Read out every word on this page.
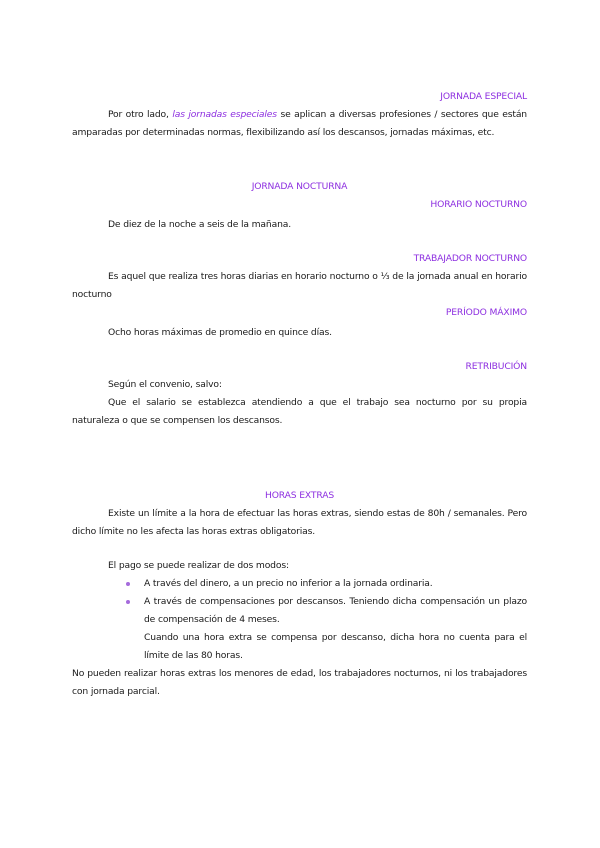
JORNADA ESPECIAL
Por otro lado, las jornadas especiales se aplican a diversas profesiones / sectores que están amparadas por determinadas normas, flexibilizando así los descansos, jornadas máximas, etc.
JORNADA NOCTURNA
HORARIO NOCTURNO
De diez de la noche a seis de la mañana.
TRABAJADOR NOCTURNO
Es aquel que realiza tres horas diarias en horario nocturno o ⅓ de la jornada anual en horario nocturno
PERÍODO MÁXIMO
Ocho horas máximas de promedio en quince días.
RETRIBUCIÓN
Según el convenio, salvo:
Que el salario se establezca atendiendo a que el trabajo sea nocturno por su propia naturaleza o que se compensen los descansos.
HORAS EXTRAS
Existe un límite a la hora de efectuar las horas extras, siendo estas de 80h / semanales. Pero dicho límite no les afecta las horas extras obligatorias.
El pago se puede realizar de dos modos:
A través del dinero, a un precio no inferior a la jornada ordinaria.
A través de compensaciones por descansos. Teniendo dicha compensación un plazo de compensación de 4 meses.
Cuando una hora extra se compensa por descanso, dicha hora no cuenta para el límite de las 80 horas.
No pueden realizar horas extras los menores de edad, los trabajadores nocturnos, ni los trabajadores con jornada parcial.
